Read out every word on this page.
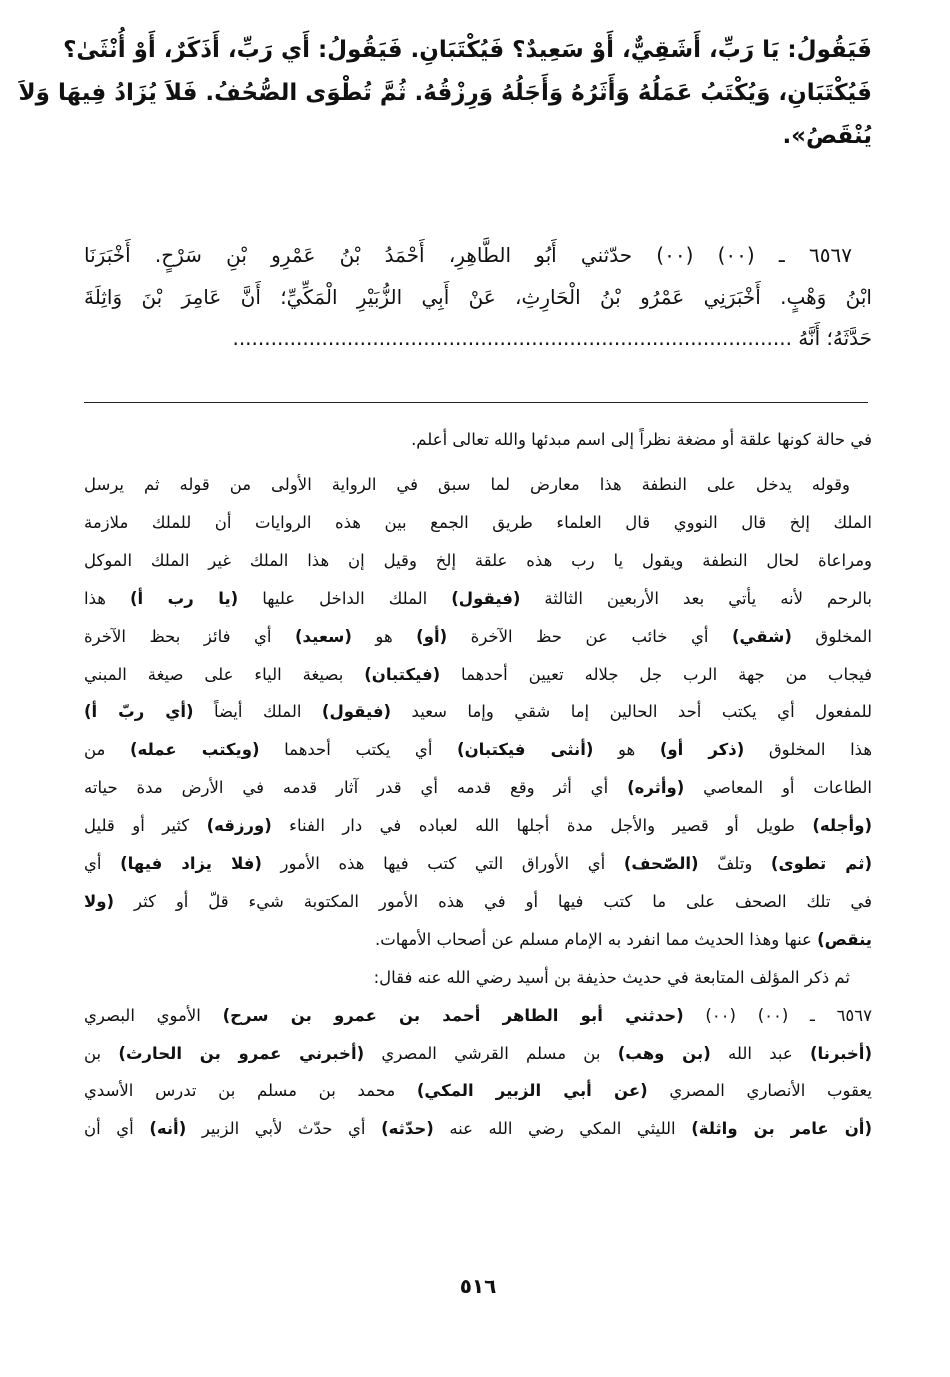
فَيَقُولُ: يَا رَبِّ، أَشَقِيٌّ، أَوْ سَعِيدٌ؟ فَيُكْتَبَانِ. فَيَقُولُ: أَي رَبِّ، أَذَكَرٌ، أَوْ أُنْثَىٰ؟
فَيُكْتَبَانِ، وَيُكْتَبُ عَمَلُهُ وَأَثَرُهُ وَأَجَلُهُ وَرِزْقُهُ. ثُمَّ تُطْوَى الصُّحُفُ. فَلاَ يُزَادُ فِيهَا وَلاَ
يُنْقَصُ».
٦٥٦٧ ـ (٠٠) (٠٠) حدّثني أَبُو الطَّاهِرِ، أَحْمَدُ بْنُ عَمْرِو بْنِ سَرْحٍ. أَخْبَرَنَا
ابْنُ وَهْبٍ. أَخْبَرَنِي عَمْرُو بْنُ الْحَارِثِ، عَنْ أَبِي الزُّبَيْرِ الْمَكِّيِّ؛ أَنَّ عَامِرَ بْنَ وَاثِلَةَ
حَدَّثَهُ؛ أَنَّهُ ........................................................................................
في حالة كونها علقة أو مضغة نظراً إلى اسم مبدئها والله تعالى أعلم.
وقوله يدخل على النطفة هذا معارض لما سبق في الرواية الأولى من قوله ثم يرسل
الملك إلخ قال النووي قال العلماء طريق الجمع بين هذه الروايات أن للملك ملازمة
ومراعاة لحال النطفة ويقول يا رب هذه علقة إلخ وقيل إن هذا الملك غير الملك الموكل
بالرحم لأنه يأتي بعد الأربعين الثالثة (فيقول) الملك الداخل عليها (يا رب أ) هذا
المخلوق (شقي) أي خائب عن حظ الآخرة (أو) هو (سعيد) أي فائز بحظ الآخرة
فيجاب من جهة الرب جل جلاله تعيين أحدهما (فيكتبان) بصيغة الياء على صيغة المبني
للمفعول أي يكتب أحد الحالين إما شقي وإما سعيد (فيقول) الملك أيضاً (أي ربّ أ)
هذا المخلوق (ذكر أو) هو (أنثى فيكتبان) أي يكتب أحدهما (ويكتب عمله) من
الطاعات أو المعاصي (وأثره) أي أثر وقع قدمه أي قدر آثار قدمه في الأرض مدة حياته
(وأجله) طويل أو قصير والأجل مدة أجلها الله لعباده في دار الفناء (ورزقه) كثير أو قليل
(ثم تطوى) وتلفّ (الصّحف) أي الأوراق التي كتب فيها هذه الأمور (فلا يزاد فيها) أي
في تلك الصحف على ما كتب فيها أو في هذه الأمور المكتوبة شيء قلّ أو كثر (ولا
ينقص) عنها وهذا الحديث مما انفرد به الإمام مسلم عن أصحاب الأمهات.
ثم ذكر المؤلف المتابعة في حديث حذيفة بن أسيد رضي الله عنه فقال:
٦٥٦٧ ـ (٠٠) (٠٠) (حدثني أبو الطاهر أحمد بن عمرو بن سرح) الأموي البصري
(أخبرنا) عبد الله (بن وهب) بن مسلم القرشي المصري (أخبرني عمرو بن الحارث) بن
يعقوب الأنصاري المصري (عن أبي الزبير المكي) محمد بن مسلم بن تدرس الأسدي
(أن عامر بن واثلة) الليثي المكي رضي الله عنه (حدّثه) أي حدّث لأبي الزبير (أنه) أي أن
٥١٦
